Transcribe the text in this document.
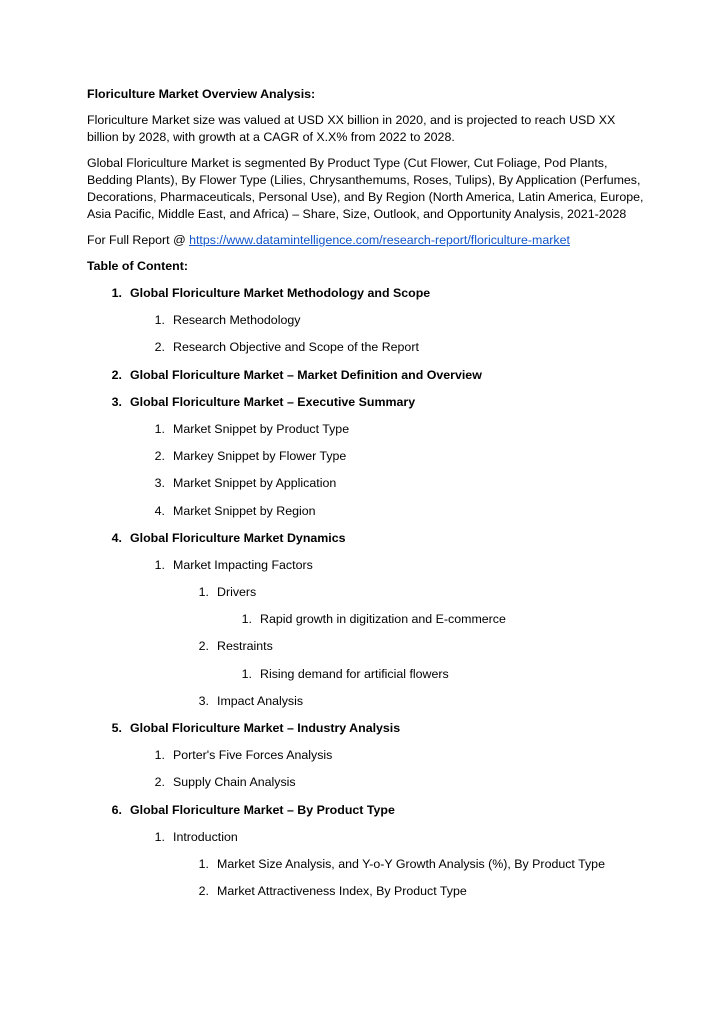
Floriculture Market Overview Analysis:

Floriculture Market size was valued at USD XX billion in 2020, and is projected to reach USD XX billion by 2028, with growth at a CAGR of X.X% from 2022 to 2028.

Global Floriculture Market is segmented By Product Type (Cut Flower, Cut Foliage, Pod Plants, Bedding Plants), By Flower Type (Lilies, Chrysanthemums, Roses, Tulips), By Application (Perfumes, Decorations, Pharmaceuticals, Personal Use), and By Region (North America, Latin America, Europe, Asia Pacific, Middle East, and Africa) – Share, Size, Outlook, and Opportunity Analysis, 2021-2028

For Full Report @ https://www.datamintelligence.com/research-report/floriculture-market

Table of Content:

1. Global Floriculture Market Methodology and Scope
1. Research Methodology
2. Research Objective and Scope of the Report
2. Global Floriculture Market – Market Definition and Overview
3. Global Floriculture Market – Executive Summary
1. Market Snippet by Product Type
2. Markey Snippet by Flower Type
3. Market Snippet by Application
4. Market Snippet by Region
4. Global Floriculture Market Dynamics
1. Market Impacting Factors
1. Drivers
1. Rapid growth in digitization and E-commerce
2. Restraints
1. Rising demand for artificial flowers
3. Impact Analysis
5. Global Floriculture Market – Industry Analysis
1. Porter's Five Forces Analysis
2. Supply Chain Analysis
6. Global Floriculture Market – By Product Type
1. Introduction
1. Market Size Analysis, and Y-o-Y Growth Analysis (%), By Product Type
2. Market Attractiveness Index, By Product Type
